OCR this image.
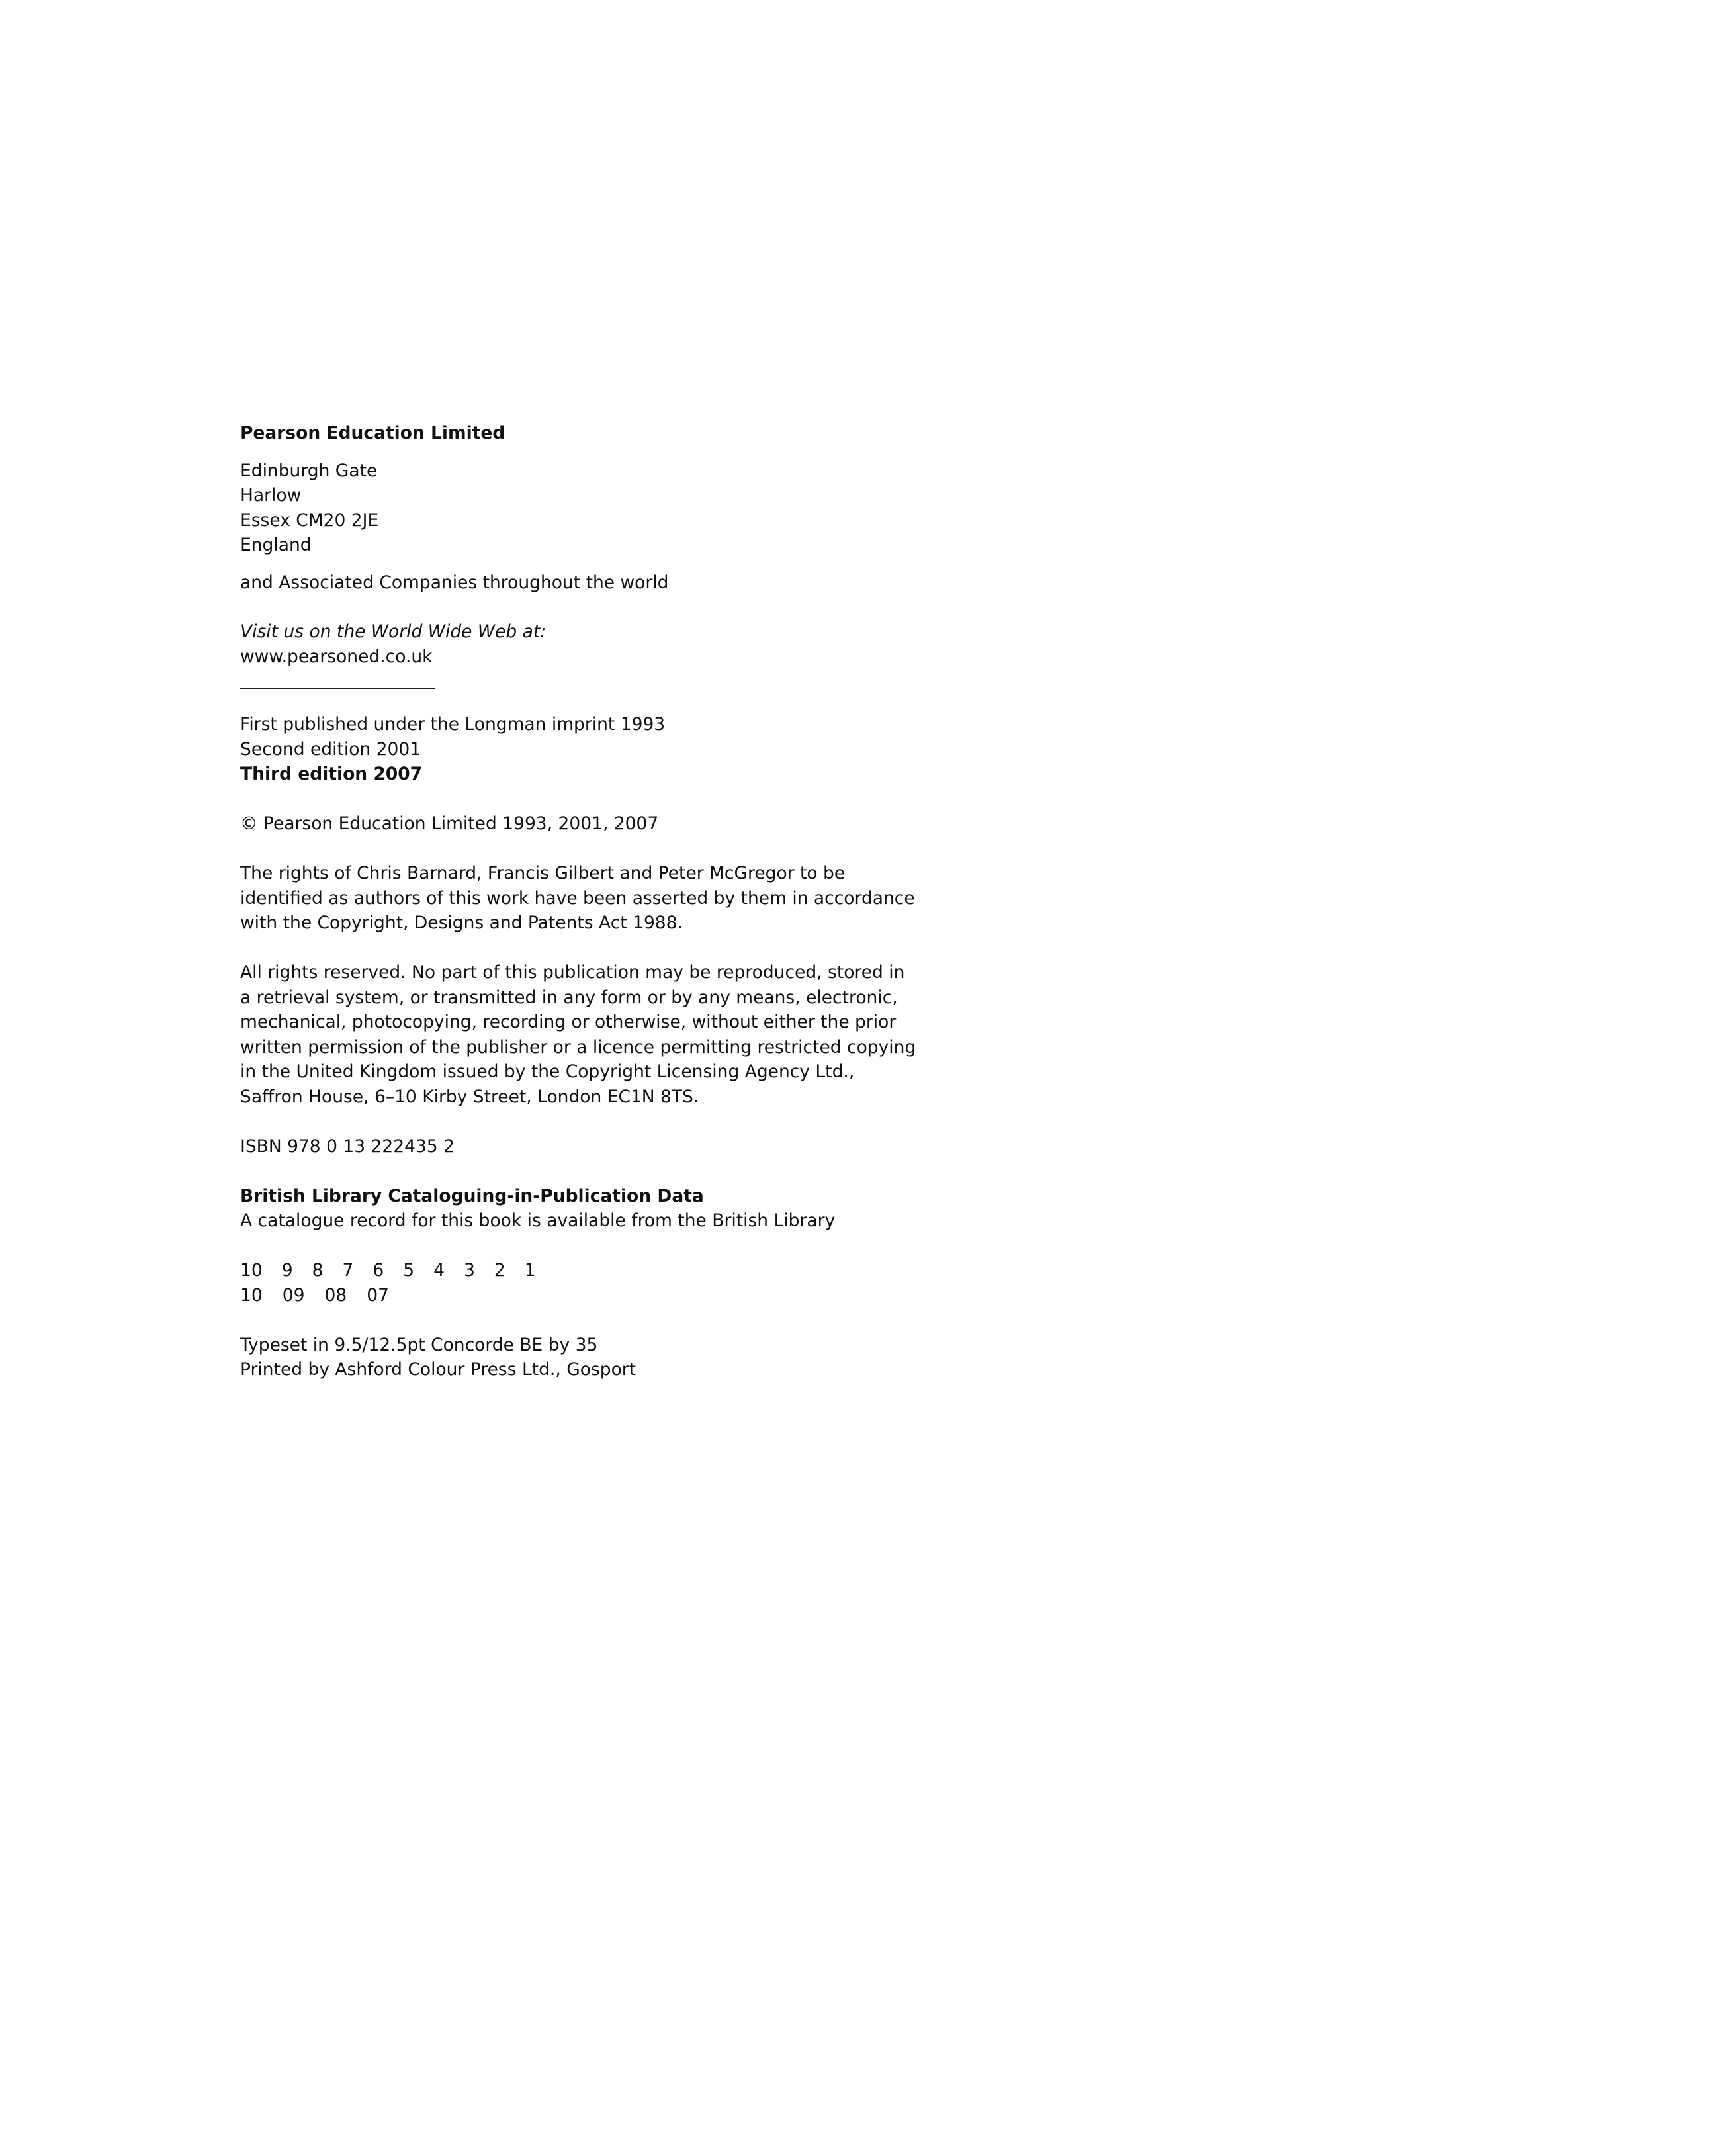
Pearson Education Limited
Edinburgh Gate
Harlow
Essex CM20 2JE
England
and Associated Companies throughout the world
Visit us on the World Wide Web at:
www.pearsoned.co.uk
First published under the Longman imprint 1993
Second edition 2001
Third edition 2007
© Pearson Education Limited 1993, 2001, 2007
The rights of Chris Barnard, Francis Gilbert and Peter McGregor to be
identified as authors of this work have been asserted by them in accordance
with the Copyright, Designs and Patents Act 1988.
All rights reserved. No part of this publication may be reproduced, stored in
a retrieval system, or transmitted in any form or by any means, electronic,
mechanical, photocopying, recording or otherwise, without either the prior
written permission of the publisher or a licence permitting restricted copying
in the United Kingdom issued by the Copyright Licensing Agency Ltd.,
Saffron House, 6–10 Kirby Street, London EC1N 8TS.
ISBN 978 0 13 222435 2
British Library Cataloguing-in-Publication Data
A catalogue record for this book is available from the British Library
10 9 8 7 6 5 4 3 2 1
10 09 08 07
Typeset in 9.5/12.5pt Concorde BE by 35
Printed by Ashford Colour Press Ltd., Gosport
